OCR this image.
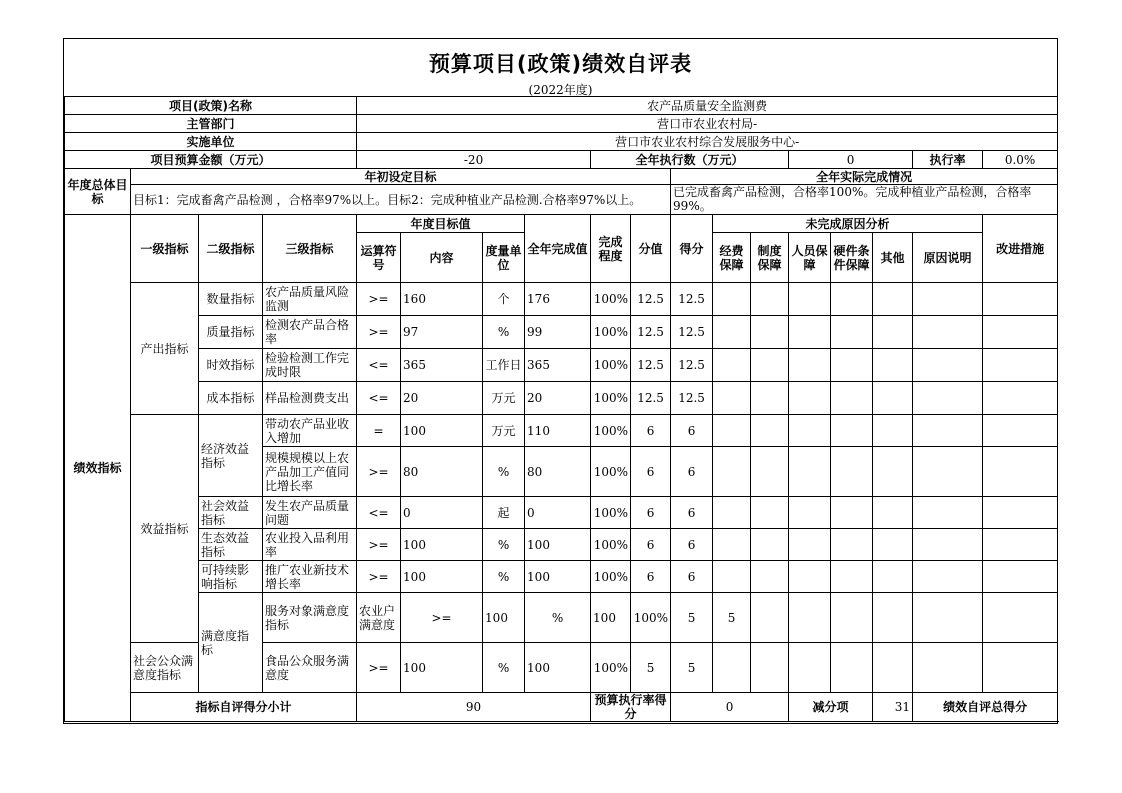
预算项目(政策)绩效自评表
(2022年度)
项目(政策)名称				农产品质量安全监测费														
主管部门				营口市农业农村局-														
实施单位				营口市农业农村综合发展服务中心-														
项目预算金额（万元）				-20				全年执行数（万元）					0			执行率	0.0%	
年度总体目标	年初设定目标									全年实际完成情况								
	目标1：完成畜禽产品检测 ，合格率97%以上。目标2：完成种植业产品检测.合格率97%以上。									已完成畜禽产品检测，合格率100%。完成种植业产品检测，合格率99%。								
绩效指标	一级指标	二级指标	三级指标	年度目标值			全年完成值	完成程度	分值	得分	未完成原因分析						改进措施	
				运算符号	内容	度量单位					经费保障	制度保障	人员保障	硬件条件保障	其他	原因说明		
	产出指标	数量指标	农产品质量风险监测	>=	160	个	176	100%	12.5	12.5								
		质量指标	检测农产品合格率	>=	97	%	99	100%	12.5	12.5								
		时效指标	检验检测工作完成时限	<=	365	工作日	365	100%	12.5	12.5								
		成本指标	样品检测费支出	<=	20	万元	20	100%	12.5	12.5								
	效益指标	经济效益指标	带动农产品业收入增加	=	100	万元	110	100%	6	6								
			规模规模以上农产品加工产值同比增长率	>=	80	%	80	100%	6	6								
		社会效益指标	发生农产品质量问题	<=	0	起	0	100%	6	6								
		生态效益指标	农业投入品利用率	>=	100	%	100	100%	6	6								
		可持续影响指标	推广农业新技术增长率	>=	100	%	100	100%	6	6								
		满意度指标	服务对象满意度指标	农业户满意度	>=	100	%	100	100%	5	5							
	社会公众满意度指标		食品公众服务满意度	>=	100	%	100	100%	5	5								
	指标自评得分小计			90				预算执行率得分		0			减分项		31	绩效自评总得分	
